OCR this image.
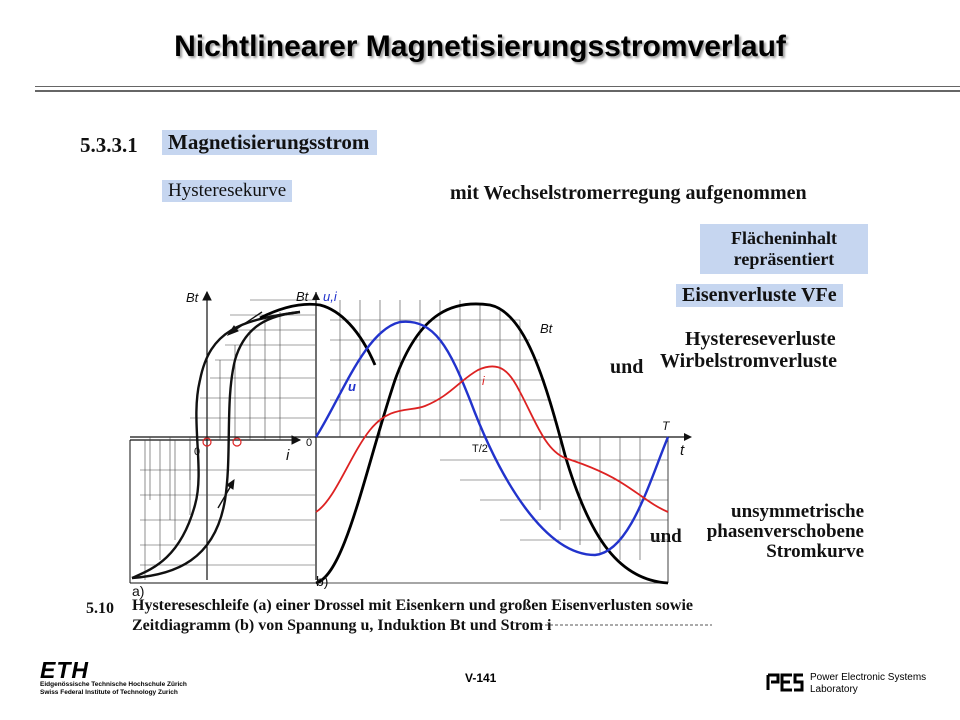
Nichtlinearer Magnetisierungsstromverlauf
5.3.3.1 Magnetisierungsstrom
Hysteresekurve	mit Wechselstromerregung aufgenommen
Flächeninhalt
repräsentiert
Eisenverluste VFe
Hystereseverluste
und Wirbelstromverluste
unsymmetrische
phasenverschobene
Stromkurve
und
Bt
i
0
a)
Bt u,i
t
0	T/2
T
u	i
Bt
b)
5.10 Hystereseschleife (a) einer Drossel mit Eisenkern und großen Eisenverlusten sowie
Zeitdiagramm (b) von Spannung u, Induktion Bt und Strom i
V-141
ETH
Eidgenössische Technische Hochschule Zürich
Swiss Federal Institute of Technology Zurich
Power Electronic Systems
Laboratory
